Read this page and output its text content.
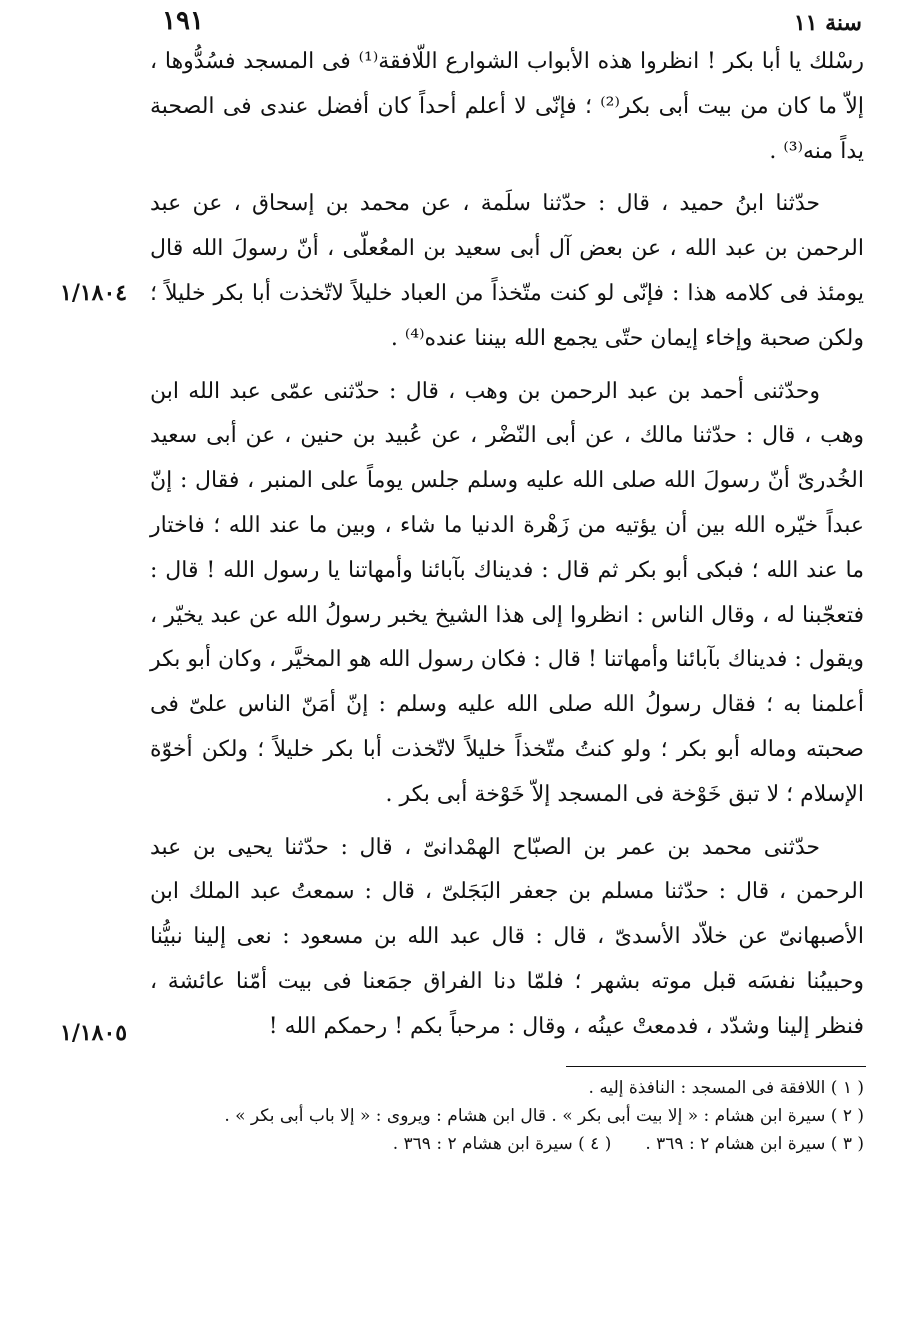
١٩١	سنة ١١

رسْلك يا أبا بكر ! انظروا هذه الأبواب الشوارع اللّافقة⁽¹⁾ فى المسجد فسُدُّوها ، إلاّ ما كان من بيت أبى بكر⁽²⁾ ؛ فإنّى لا أعلم أحداً كان أفضل عندى فى الصحبة يداً منه⁽³⁾ .

حدّثنا ابنُ حميد ، قال : حدّثنا سلَمة ، عن محمد بن إسحاق ، عن عبد الرحمن بن عبد الله ، عن بعض آل أبى سعيد بن المعُعلّى ، أنّ رسولَ الله قال يومئذ فى كلامه هذا : فإنّى لو كنت متّخذاً من العباد خليلاً لاتّخذت أبا بكر خليلاً ؛ ولكن صحبة وإخاء إيمان حتّى يجمع الله بيننا عنده⁽⁴⁾ .

وحدّثنى أحمد بن عبد الرحمن بن وهب ، قال : حدّثنى عمّى عبد الله ابن وهب ، قال : حدّثنا مالك ، عن أبى النّضْر ، عن عُبيد بن حنين ، عن أبى سعيد الخُدرىّ أنّ رسولَ الله صلى الله عليه وسلم جلس يوماً على المنبر ، فقال : إنّ عبداً خيّره الله بين أن يؤتيه من زَهْرة الدنيا ما شاء ، وبين ما عند الله ؛ فاختار ما عند الله ؛ فبكى أبو بكر ثم قال : فديناك بآبائنا وأمهاتنا يا رسول الله ! قال : فتعجّبنا له ، وقال الناس : انظروا إلى هذا الشيخ يخبر رسولُ الله عن عبد يخيّر ، ويقول : فديناك بآبائنا وأمهاتنا ! قال : فكان رسول الله هو المخيَّر ، وكان أبو بكر أعلمنا به ؛ فقال رسولُ الله صلى الله عليه وسلم : إنّ أمَنّ الناس علىّ فى صحبته وماله أبو بكر ؛ ولو كنتُ متّخذاً خليلاً لاتّخذت أبا بكر خليلاً ؛ ولكن أخوّة الإسلام ؛ لا تبق خَوْخة فى المسجد إلاّ خَوْخة أبى بكر .

حدّثنى محمد بن عمر بن الصبّاح الهمْدانىّ ، قال : حدّثنا يحيى بن عبد الرحمن ، قال : حدّثنا مسلم بن جعفر البَجَلىّ ، قال : سمعتُ عبد الملك ابن الأصبهانىّ عن خلاّد الأسدىّ ، قال : قال عبد الله بن مسعود : نعى إلينا نبيُّنا وحبيبُنا نفسَه قبل موته بشهر ؛ فلمّا دنا الفراق جمَعنا فى بيت أمّنا عائشة ، فنظر إلينا وشدّد ، فدمعتْ عينُه ، وقال : مرحباً بكم ! رحمكم الله !

١/١٨٠٤
١/١٨٠٥

( ١ ) اللافقة فى المسجد : النافذة إليه .

( ٢ ) سيرة ابن هشام : « إلا بيت أبى بكر » . قال ابن هشام : ويروى : « إلا باب أبى بكر » .

( ٣ ) سيرة ابن هشام ٢ : ٣٦٩ .( ٤ ) سيرة ابن هشام ٢ : ٣٦٩ .
